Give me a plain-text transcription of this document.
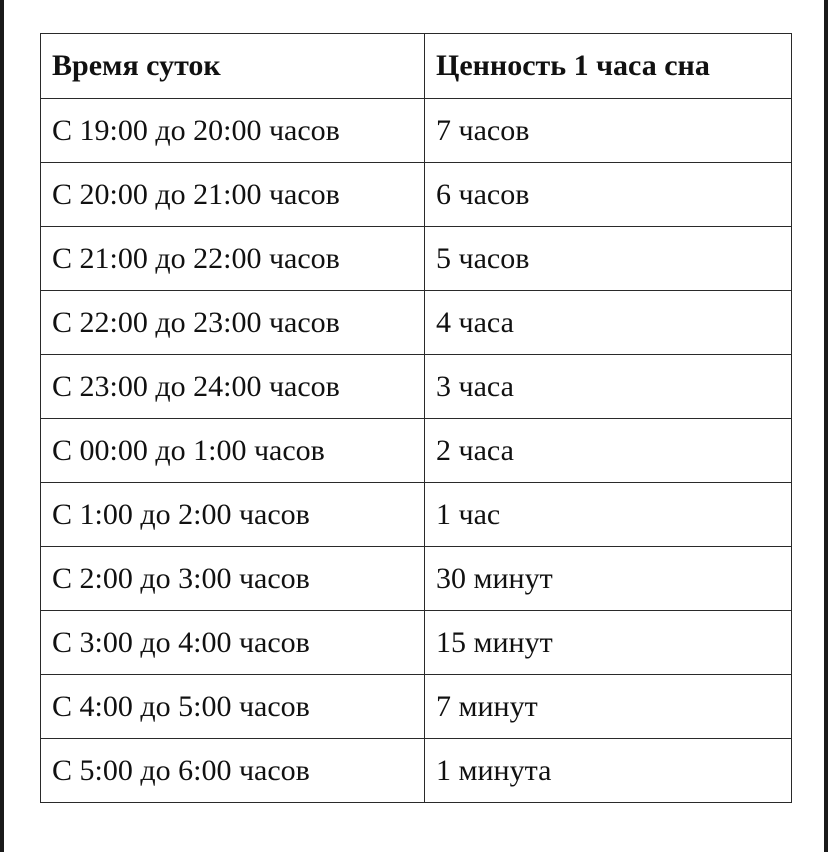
Время суток	Ценность 1 часа сна
С 19:00 до 20:00 часов	7 часов
С 20:00 до 21:00 часов	6 часов
С 21:00 до 22:00 часов	5 часов
С 22:00 до 23:00 часов	4 часа
С 23:00 до 24:00 часов	3 часа
С 00:00 до 1:00 часов	2 часа
С 1:00 до 2:00 часов	1 час
С 2:00 до 3:00 часов	30 минут
С 3:00 до 4:00 часов	15 минут
С 4:00 до 5:00 часов	7 минут
С 5:00 до 6:00 часов	1 минута
